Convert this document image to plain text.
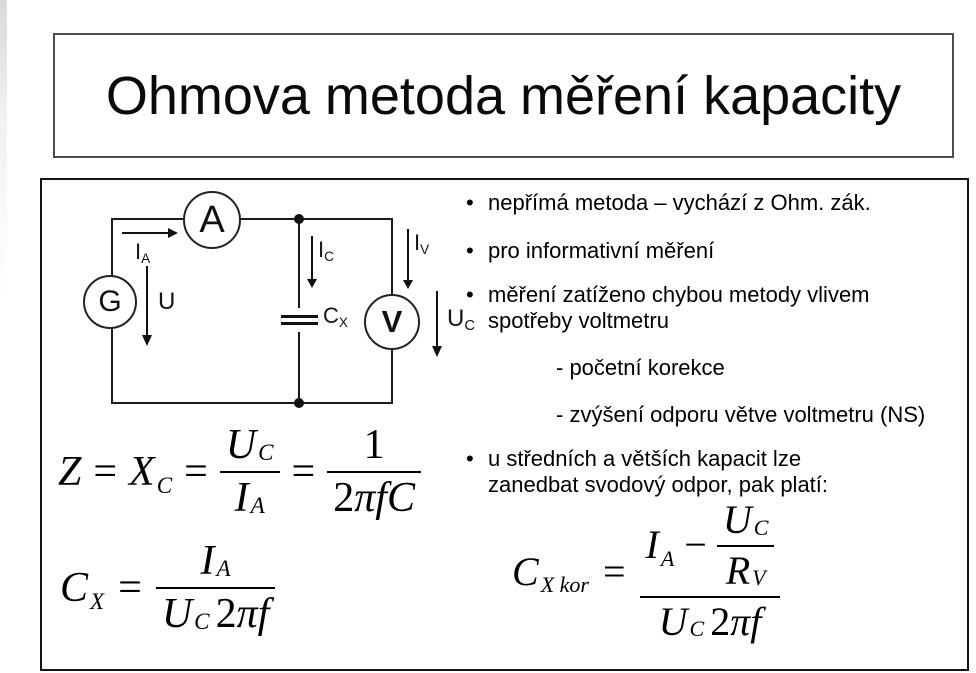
Ohmova metoda měření kapacity
CX
A
G
V
IA
U
IC
IV
UC
• nepřímá metoda – vychází z Ohm. zák.
• pro informativní měření
• měření zatíženo chybou metody vlivem
spotřeby voltmetru
- početní korekce
- zvýšení odporu větve voltmetru (NS)
• u středních a větších kapacit lze
zanedbat svodový odpor, pak platí:
Z = XC = $\frac{\text{U C}}{\text{I A}} = \frac{1}{\text{2 πfC}}$
CX = $\frac{\text{I A}}{\text{U C 2 πf}}$	CX kor =
IA − $\frac{\text{U C}}{\text{R V}}$
U C 2 πf
